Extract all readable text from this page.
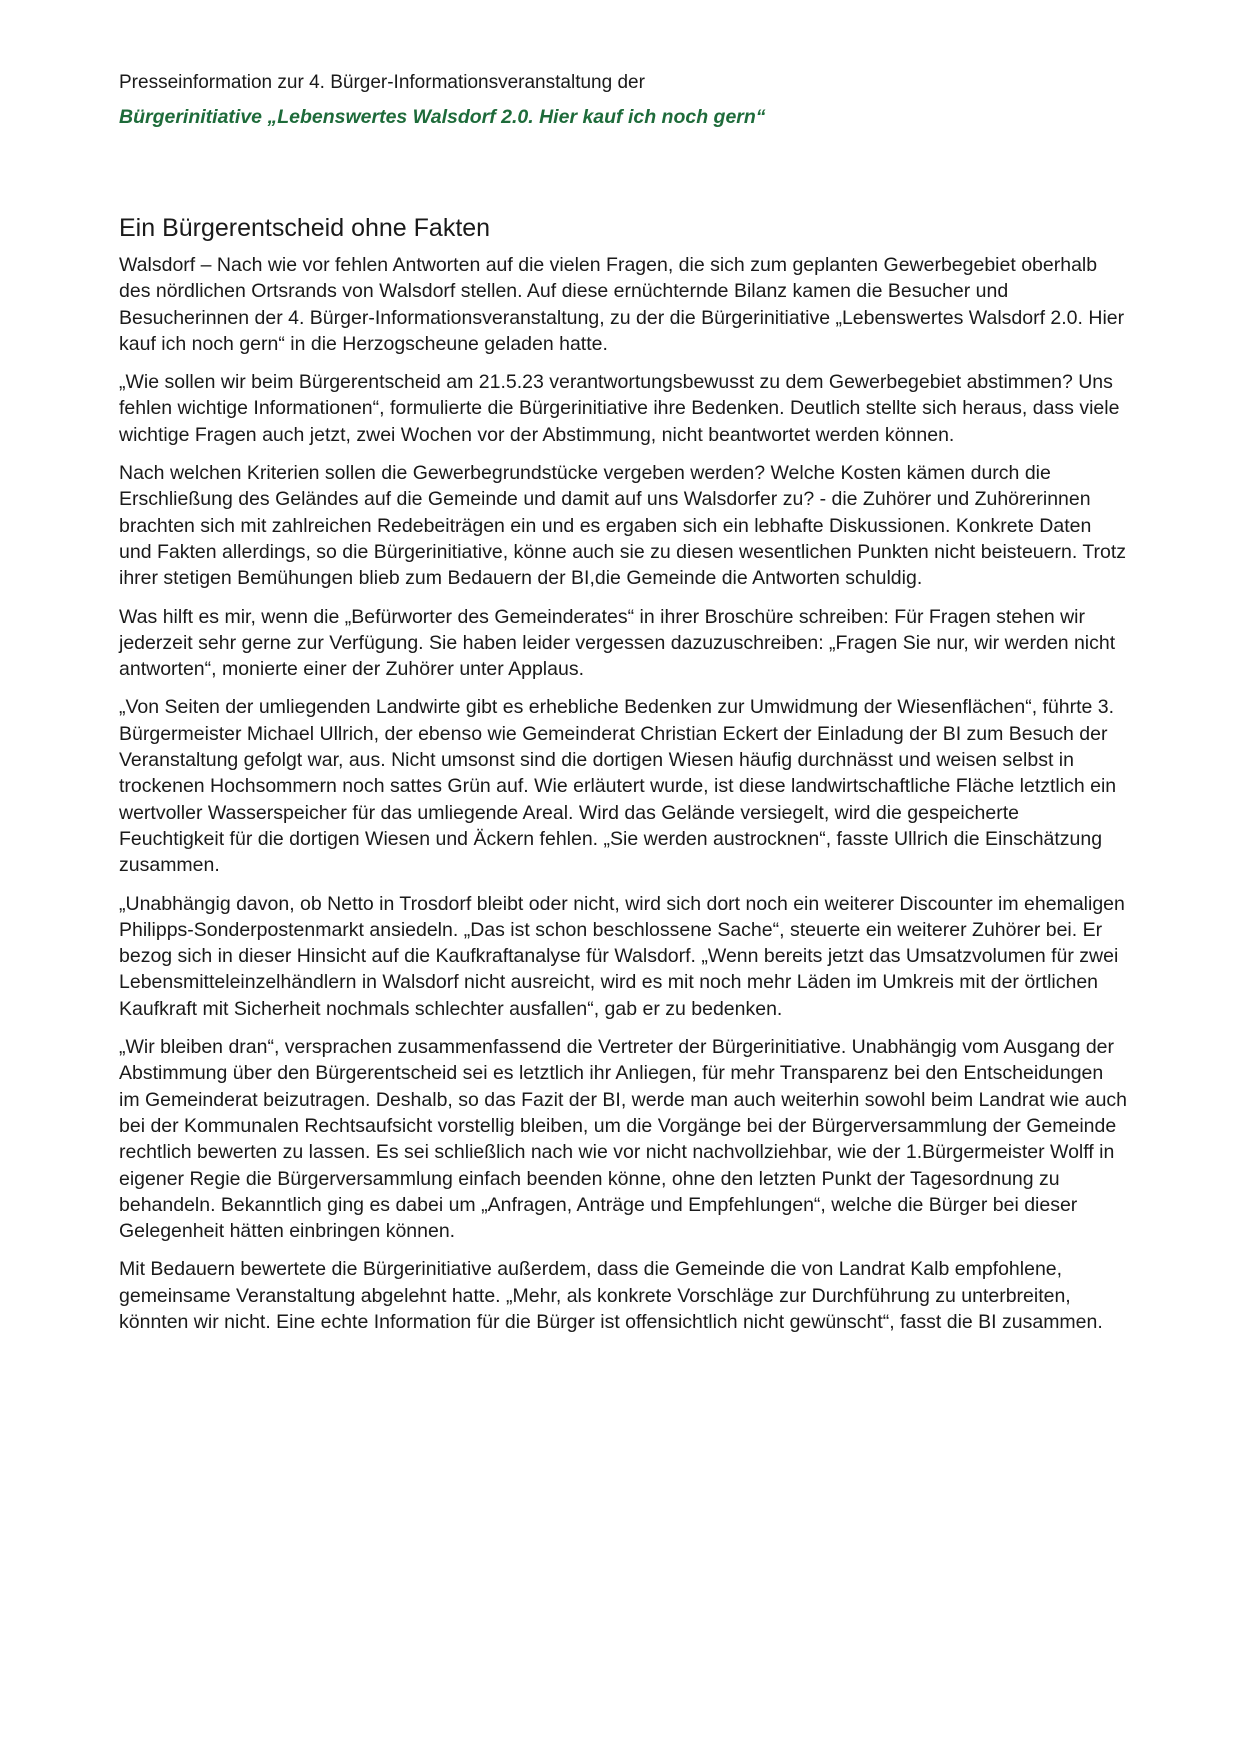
Presseinformation zur 4. Bürger-Informationsveranstaltung der

Bürgerinitiative „Lebenswertes Walsdorf 2.0. Hier kauf ich noch gern“

Ein Bürgerentscheid ohne Fakten

Walsdorf – Nach wie vor fehlen Antworten auf die vielen Fragen, die sich zum geplanten Gewerbegebiet oberhalb des nördlichen Ortsrands von Walsdorf stellen. Auf diese ernüchternde Bilanz kamen die Besucher und Besucherinnen der 4. Bürger-Informationsveranstaltung, zu der die Bürgerinitiative „Lebenswertes Walsdorf 2.0. Hier kauf ich noch gern“ in die Herzogscheune geladen hatte.

„Wie sollen wir beim Bürgerentscheid am 21.5.23 verantwortungsbewusst zu dem Gewerbegebiet abstimmen? Uns fehlen wichtige Informationen“, formulierte die Bürgerinitiative ihre Bedenken. Deutlich stellte sich heraus, dass viele wichtige Fragen auch jetzt, zwei Wochen vor der Abstimmung, nicht beantwortet werden können.

Nach welchen Kriterien sollen die Gewerbegrundstücke vergeben werden? Welche Kosten kämen durch die Erschließung des Geländes auf die Gemeinde und damit auf uns Walsdorfer zu? - die Zuhörer und Zuhörerinnen brachten sich mit zahlreichen Redebeiträgen ein und es ergaben sich ein lebhafte Diskussionen. Konkrete Daten und Fakten allerdings, so die Bürgerinitiative, könne auch sie zu diesen wesentlichen Punkten nicht beisteuern. Trotz ihrer stetigen Bemühungen blieb zum Bedauern der BI,die Gemeinde die Antworten schuldig.

Was hilft es mir, wenn die „Befürworter des Gemeinderates“ in ihrer Broschüre schreiben: Für Fragen stehen wir jederzeit sehr gerne zur Verfügung. Sie haben leider vergessen dazuzuschreiben: „Fragen Sie nur, wir werden nicht antworten“, monierte einer der Zuhörer unter Applaus.

„Von Seiten der umliegenden Landwirte gibt es erhebliche Bedenken zur Umwidmung der Wiesenflächen“, führte 3. Bürgermeister Michael Ullrich, der ebenso wie Gemeinderat Christian Eckert der Einladung der BI zum Besuch der Veranstaltung gefolgt war, aus. Nicht umsonst sind die dortigen Wiesen häufig durchnässt und weisen selbst in trockenen Hochsommern noch sattes Grün auf. Wie erläutert wurde, ist diese landwirtschaftliche Fläche letztlich ein wertvoller Wasserspeicher für das umliegende Areal. Wird das Gelände versiegelt, wird die gespeicherte Feuchtigkeit für die dortigen Wiesen und Äckern fehlen. „Sie werden austrocknen“, fasste Ullrich die Einschätzung zusammen.

„Unabhängig davon, ob Netto in Trosdorf bleibt oder nicht, wird sich dort noch ein weiterer Discounter im ehemaligen Philipps-Sonderpostenmarkt ansiedeln. „Das ist schon beschlossene Sache“, steuerte ein weiterer Zuhörer bei. Er bezog sich in dieser Hinsicht auf die Kaufkraftanalyse für Walsdorf. „Wenn bereits jetzt das Umsatzvolumen für zwei Lebensmitteleinzelhändlern in Walsdorf nicht ausreicht, wird es mit noch mehr Läden im Umkreis mit der örtlichen Kaufkraft mit Sicherheit nochmals schlechter ausfallen“, gab er zu bedenken.

„Wir bleiben dran“, versprachen zusammenfassend die Vertreter der Bürgerinitiative. Unabhängig vom Ausgang der Abstimmung über den Bürgerentscheid sei es letztlich ihr Anliegen, für mehr Transparenz bei den Entscheidungen im Gemeinderat beizutragen. Deshalb, so das Fazit der BI, werde man auch weiterhin sowohl beim Landrat wie auch bei der Kommunalen Rechtsaufsicht vorstellig bleiben, um die Vorgänge bei der Bürgerversammlung der Gemeinde rechtlich bewerten zu lassen. Es sei schließlich nach wie vor nicht nachvollziehbar, wie der 1.Bürgermeister Wolff in eigener Regie die Bürgerversammlung einfach beenden könne, ohne den letzten Punkt der Tagesordnung zu behandeln. Bekanntlich ging es dabei um „Anfragen, Anträge und Empfehlungen“, welche die Bürger bei dieser Gelegenheit hätten einbringen können.

Mit Bedauern bewertete die Bürgerinitiative außerdem, dass die Gemeinde die von Landrat Kalb empfohlene, gemeinsame Veranstaltung abgelehnt hatte. „Mehr, als konkrete Vorschläge zur Durchführung zu unterbreiten, könnten wir nicht. Eine echte Information für die Bürger ist offensichtlich nicht gewünscht“, fasst die BI zusammen.
